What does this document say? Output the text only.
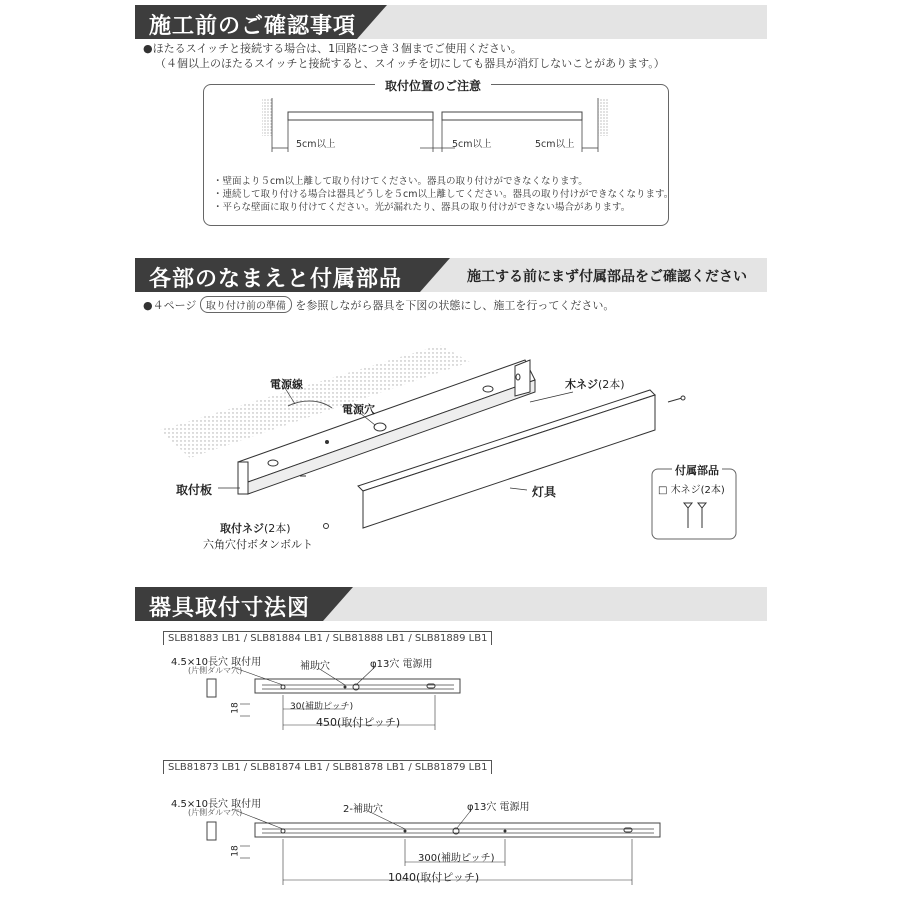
施工前のご確認事項
●ほたるスイッチと接続する場合は、1回路につき３個までご使用ください。
（４個以上のほたるスイッチと接続すると、スイッチを切にしても器具が消灯しないことがあります。）
取付位置のご注意
5cm以上	5cm以上	5cm以上
・壁面より５cm以上離して取り付けてください。器具の取り付けができなくなります。
・連続して取り付ける場合は器具どうしを５cm以上離してください。器具の取り付けができなくなります。
・平らな壁面に取り付けてください。光が漏れたり、器具の取り付けができない場合があります。
各部のなまえと付属部品	施工する前にまず付属部品をご確認ください
●４ページ 取り付け前の準備 を参照しながら器具を下図の状態にし、施工を行ってください。
付属部品
□ 木ネジ(2本)
電源線
電源穴
木ネジ(2本)
取付板	灯具
取付ネジ(2本)
六角穴付ボタンボルト
器具取付寸法図
SLB81883 LB1 / SLB81884 LB1 / SLB81888 LB1 / SLB81889 LB1
4.5×10長穴 取付用
(片側ダルマ穴)	補助穴	φ13穴 電源用
18	30(補助ピッチ)
450(取付ピッチ)
SLB81873 LB1 / SLB81874 LB1 / SLB81878 LB1 / SLB81879 LB1
4.5×10長穴 取付用
(片側ダルマ穴)	2-補助穴	φ13穴 電源用
18
300(補助ピッチ)
1040(取付ピッチ)
